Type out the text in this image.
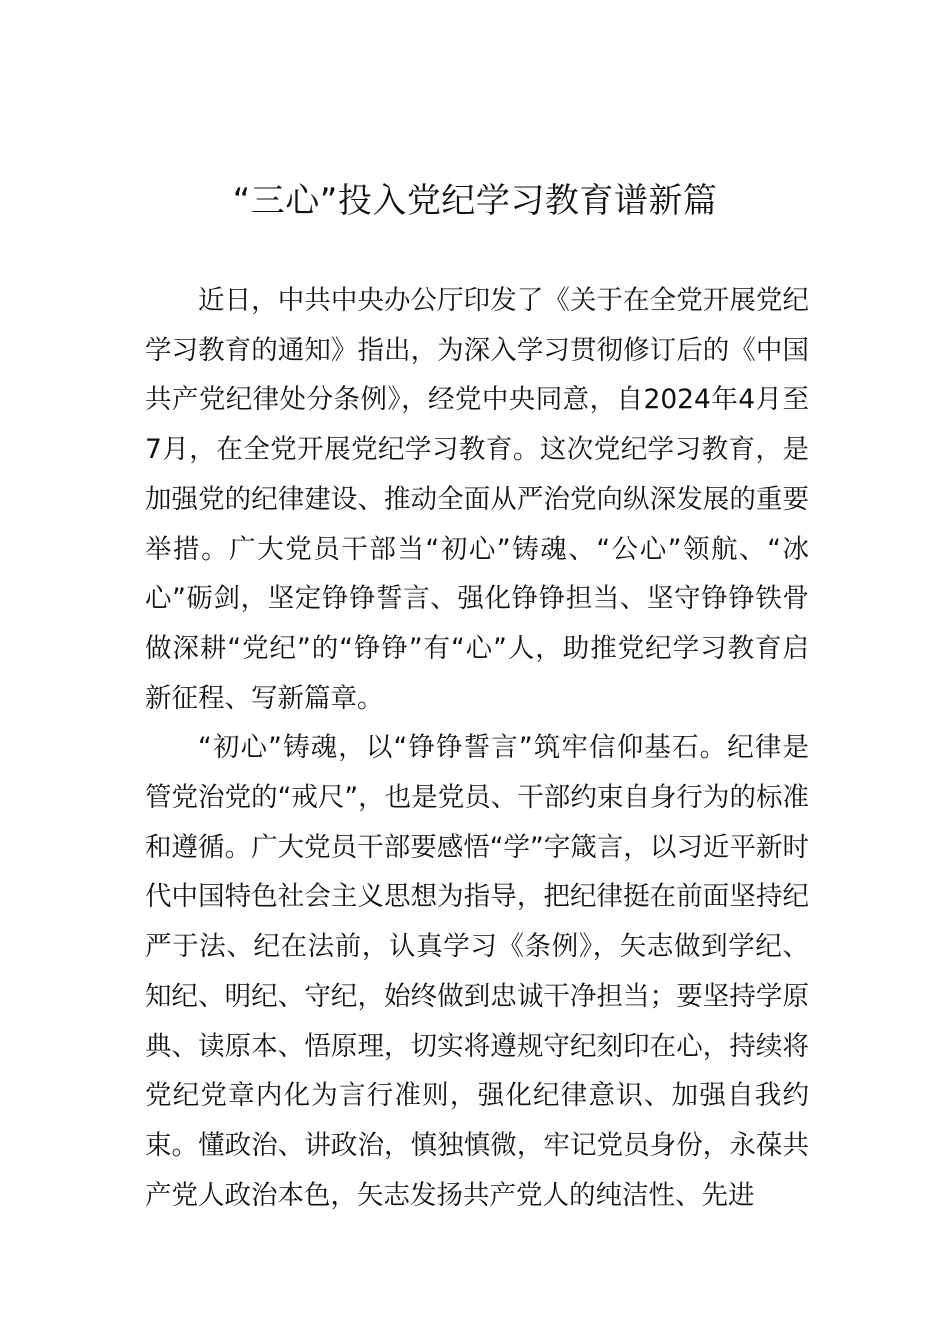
“三心”投入党纪学习教育谱新篇

近日，中共中央办公厅印发了《关于在全党开展党纪学习教育的通知》指出，为深入学习贯彻修订后的《中国共产党纪律处分条例》，经党中央同意，自2024年4月至7月，在全党开展党纪学习教育。这次党纪学习教育，是加强党的纪律建设、推动全面从严治党向纵深发展的重要举措。广大党员干部当“初心”铸魂、“公心”领航、“冰心”砺剑，坚定铮铮誓言、强化铮铮担当、坚守铮铮铁骨做深耕“党纪”的“铮铮”有“心”人，助推党纪学习教育启新征程、写新篇章。

“初心”铸魂，以“铮铮誓言”筑牢信仰基石。纪律是管党治党的“戒尺”，也是党员、干部约束自身行为的标准和遵循。广大党员干部要感悟“学”字箴言，以习近平新时代中国特色社会主义思想为指导，把纪律挺在前面坚持纪严于法、纪在法前，认真学习《条例》，矢志做到学纪、知纪、明纪、守纪，始终做到忠诚干净担当；要坚持学原典、读原本、悟原理，切实将遵规守纪刻印在心，持续将党纪党章内化为言行准则，强化纪律意识、加强自我约束。懂政治、讲政治，慎独慎微，牢记党员身份，永葆共产党人政治本色，矢志发扬共产党人的纯洁性、先进
